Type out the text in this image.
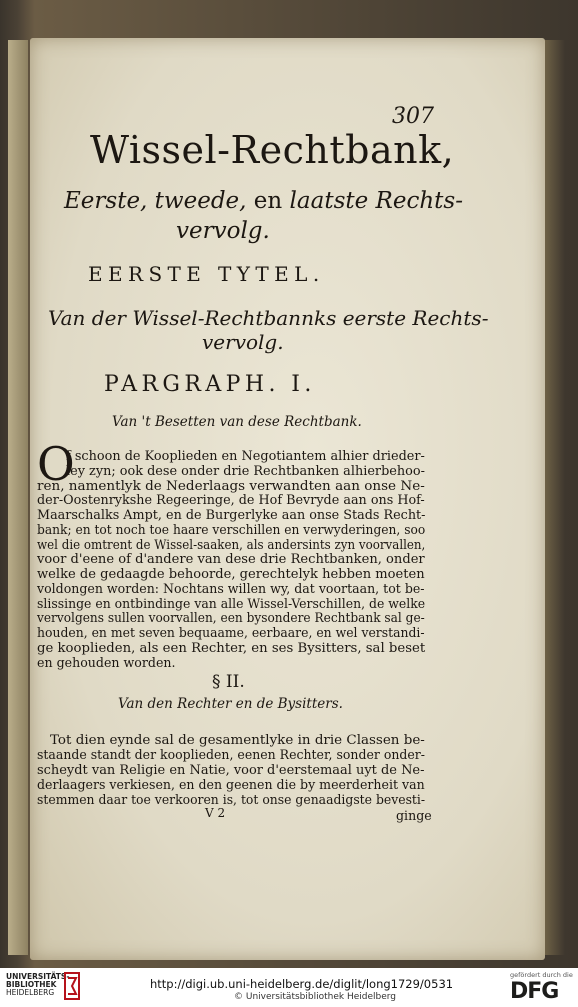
307
Wissel-Rechtbank,
Eerste, tweede, en laatste Rechts-
vervolg.
EERSTE TYTEL.
Van der Wissel-Rechtbannks eerste Rechts-
vervolg.
PARGRAPH. I.
Van 't Besetten van dese Rechtbank.
O
f schoon de Kooplieden en Negotiantem alhier drieder-
ley zyn; ook dese onder drie Rechtbanken alhierbehoo-
ren, namentlyk de Nederlaags verwandten aan onse Ne-
der-Oostenrykshe Regeeringe, de Hof Bevryde aan ons Hof-
Maarschalks Ampt, en de Burgerlyke aan onse Stads Recht-
bank; en tot noch toe haare verschillen en verwyderingen, soo
wel die omtrent de Wissel-saaken, als andersints zyn voorvallen,
voor d'eene of d'andere van dese drie Rechtbanken, onder
welke de gedaagde behoorde, gerechtelyk hebben moeten
voldongen worden: Nochtans willen wy, dat voortaan, tot be-
slissinge en ontbindinge van alle Wissel-Verschillen, de welke
vervolgens sullen voorvallen, een bysondere Rechtbank sal ge-
houden, en met seven bequaame, eerbaare, en wel verstandi-
ge kooplieden, als een Rechter, en ses Bysitters, sal beset
en gehouden worden.
§ II.
Van den Rechter en de Bysitters.
Tot dien eynde sal de gesamentlyke in drie Classen be-
staande standt der kooplieden, eenen Rechter, sonder onder-
scheydt van Religie en Natie, voor d'eerstemaal uyt de Ne-
derlaagers verkiesen, en den geenen die by meerderheit van
stemmen daar toe verkooren is, tot onse genaadigste bevesti-
V 2	ginge
UNIVERSITÄTS-
BIBLIOTHEK
HEIDELBERG
http://digi.ub.uni-heidelberg.de/diglit/long1729/0531
© Universitätsbibliothek Heidelberg
gefördert durch die
DFG
